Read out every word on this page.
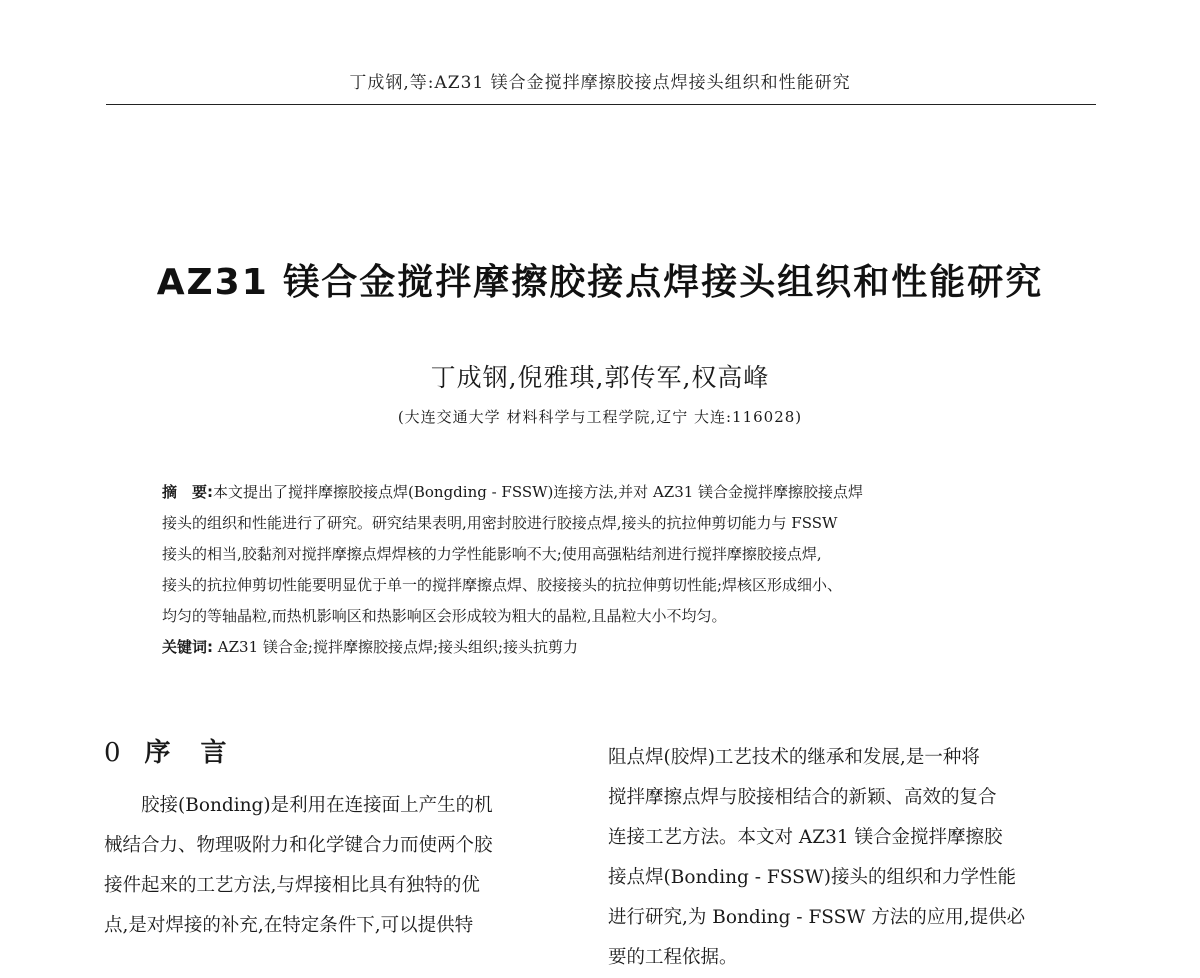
丁成钢,等:AZ31 镁合金搅拌摩擦胶接点焊接头组织和性能研究
AZ31 镁合金搅拌摩擦胶接点焊接头组织和性能研究
丁成钢,倪雅琪,郭传军,权高峰
(大连交通大学 材料科学与工程学院,辽宁 大连:116028)
摘　要:本文提出了搅拌摩擦胶接点焊(Bongding - FSSW)连接方法,并对 AZ31 镁合金搅拌摩擦胶接点焊
接头的组织和性能进行了研究。研究结果表明,用密封胶进行胶接点焊,接头的抗拉伸剪切能力与 FSSW
接头的相当,胶黏剂对搅拌摩擦点焊焊核的力学性能影响不大;使用高强粘结剂进行搅拌摩擦胶接点焊,
接头的抗拉伸剪切性能要明显优于单一的搅拌摩擦点焊、胶接接头的抗拉伸剪切性能;焊核区形成细小、
均匀的等轴晶粒,而热机影响区和热影响区会形成较为粗大的晶粒,且晶粒大小不均匀。
关键词: AZ31 镁合金;搅拌摩擦胶接点焊;接头组织;接头抗剪力
0 序　言
　　胶接(Bonding)是利用在连接面上产生的机
械结合力、物理吸附力和化学键合力而使两个胶
接件起来的工艺方法,与焊接相比具有独特的优
点,是对焊接的补充,在特定条件下,可以提供特
阻点焊(胶焊)工艺技术的继承和发展,是一种将
搅拌摩擦点焊与胶接相结合的新颖、高效的复合
连接工艺方法。本文对 AZ31 镁合金搅拌摩擦胶
接点焊(Bonding - FSSW)接头的组织和力学性能
进行研究,为 Bonding - FSSW 方法的应用,提供必
要的工程依据。
